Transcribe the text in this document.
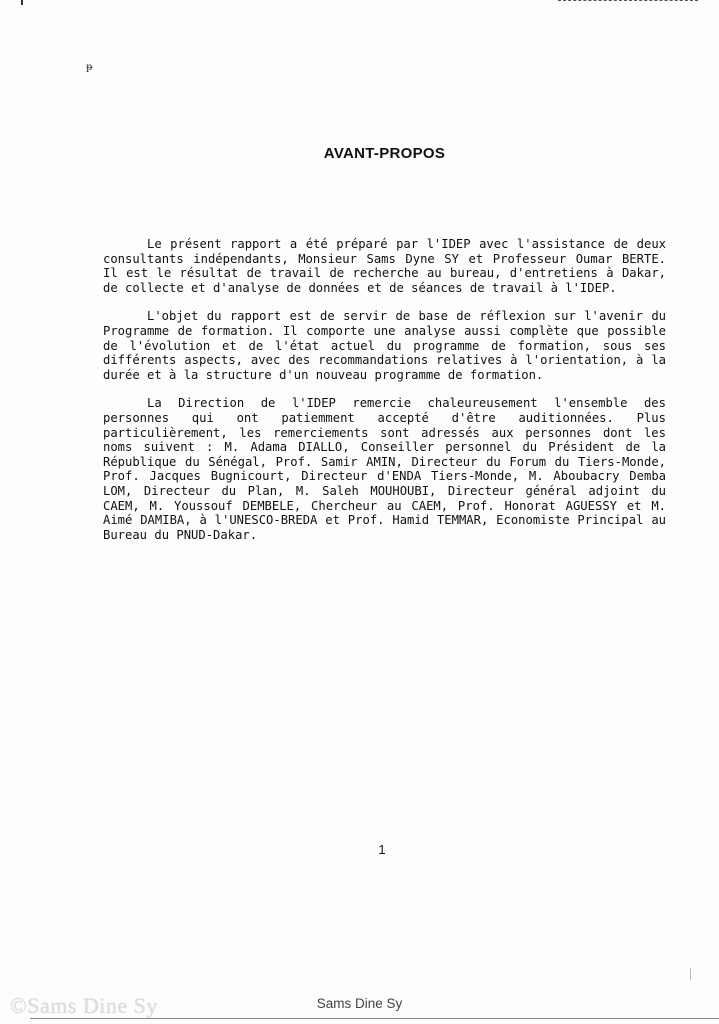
ᵽ
AVANT-PROPOS

Le présent rapport a été préparé par l'IDEP avec l'assistance de deux consultants indépendants, Monsieur Sams Dyne SY et Professeur Oumar BERTE. Il est le résultat de travail de recherche au bureau, d'entretiens à Dakar, de collecte et d'analyse de données et de séances de travail à l'IDEP.

L'objet du rapport est de servir de base de réflexion sur l'avenir du Programme de formation. Il comporte une analyse aussi complète que possible de l'évolution et de l'état actuel du programme de formation, sous ses différents aspects, avec des recommandations relatives à l'orientation, à la durée et à la structure d'un nouveau programme de formation.

La Direction de l'IDEP remercie chaleureusement l'ensemble des personnes qui ont patiemment accepté d'être auditionnées. Plus particulièrement, les remerciements sont adressés aux personnes dont les noms suivent : M. Adama DIALLO, Conseiller personnel du Président de la République du Sénégal, Prof. Samir AMIN, Directeur du Forum du Tiers-Monde, Prof. Jacques Bugnicourt, Directeur d'ENDA Tiers-Monde, M. Aboubacry Demba LOM, Directeur du Plan, M. Saleh MOUHOUBI, Directeur général adjoint du CAEM, M. Youssouf DEMBELE, Chercheur au CAEM, Prof. Honorat AGUESSY et M. Aimé DAMIBA, à l'UNESCO-BREDA et Prof. Hamid TEMMAR, Economiste Principal au Bureau du PNUD-Dakar.

1
©Sams Dine Sy	Sams Dine Sy
